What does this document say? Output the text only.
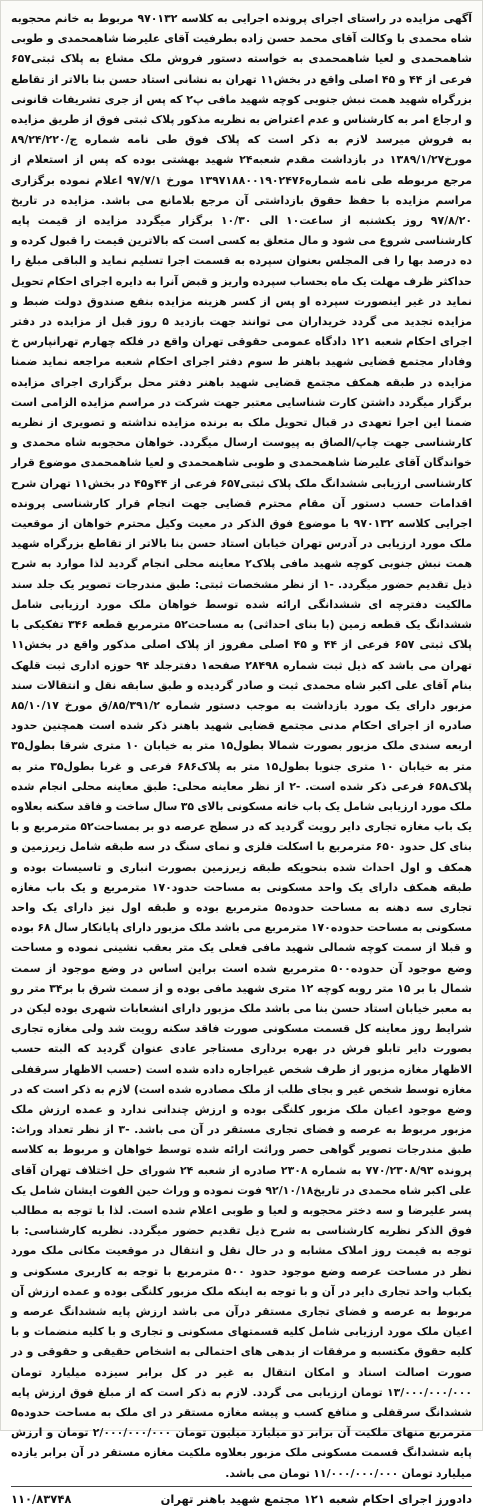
آگهی مزایده در راستای اجرای پرونده اجرایی به کلاسه ۹۷۰۱۳۲ مربوط به خانم محجوبه شاه محمدی با وکالت آقای محمد حسن زاده بطرفیت آقای علیرضا شاهمحمدی و طوبی شاهمحمدی و لعیا شاهمحمدی به خواسته دستور فروش ملک مشاع به پلاک ثبتی۶۵۷ فرعی از ۴۴ و ۴۵ اصلی واقع در بخش۱۱ تهران به نشانی استاد حسن بنا بالاتر از تقاطع بزرگراه شهید همت نبش جنوبی کوچه شهید مافی پ۲ که پس از جری تشریفات قانونی و ارجاع امر به کارشناس و عدم اعتراض به نظریه مذکور پلاک ثبتی فوق از طریق مزایده به فروش میرسد لازم به ذکر است که پلاک فوق طی نامه شماره ج/۸۹/۲۴/۲۲۰ مورخ۱۳۸۹/۱/۲۷ در بازداشت مقدم شعبه۲۴ شهید بهشتی بوده که پس از استعلام از مرجع مربوطه طی نامه شماره۱۳۹۷۱۸۸۰۰۱۹۰۲۴۷۶ مورخ ۹۷/۷/۱ اعلام نموده برگزاری مراسم مزایده با حفظ حقوق بازداشتی آن مرجع بلامانع می باشد. مزایده در تاریخ ۹۷/۸/۲۰ روز یکشنبه از ساعت۱۰ الی ۱۰/۳۰ برگزار میگردد مزایده از قیمت پایه کارشناسی شروع می شود و مال متعلق به کسی است که بالاترین قیمت را قبول کرده و ده درصد بها را فی المجلس بعنوان سپرده به قسمت اجرا تسلیم نماید و الباقی مبلغ را حداکثر ظرف مهلت یک ماه بحساب سپرده واریز و قبض آنرا به دایره اجرای احکام تحویل نماید در غیر اینصورت سپرده او پس از کسر هزینه مزایده بنفع صندوق دولت ضبط و مزایده تجدید می گردد خریداران می توانند جهت بازدید ۵ روز قبل از مزایده در دفتر اجرای احکام شعبه ۱۲۱ دادگاه عمومی حقوقی تهران واقع در فلکه چهارم تهرانپارس خ وفادار مجتمع قضایی شهید باهنر ط سوم دفتر اجرای احکام شعبه مراجعه نماید ضمنا مزایده در طبقه همکف مجتمع قضایی شهید باهنر دفتر محل برگزاری اجرای مزایده برگزار میگردد داشتن کارت شناسایی معتبر جهت شرکت در مراسم مزایده الزامی است ضمنا این اجرا تعهدی در قبال تحویل ملک به برنده مزایده نداشته و تصویری از نظریه کارشناسی جهت چاپ/الصاق به پیوست ارسال میگردد. خواهان محجوبه شاه محمدی و خواندگان آقای علیرضا شاهمحمدی و طوبی شاهمحمدی و لعیا شاهمحمدی موضوع قرار کارشناسی ارزیابی ششدانگ ملک پلاک ثبتی۶۵۷ فرعی از ۴۴و۴۵ در بخش۱۱ تهران شرح اقدامات حسب دستور آن مقام محترم قضایی جهت انجام قرار کارشناسی پرونده اجرایی کلاسه ۹۷۰۱۳۲ با موضوع فوق الذکر در معیت وکیل محترم خواهان از موقعیت ملک مورد ارزیابی در آدرس تهران خیابان استاد حسن بنا بالاتر از تقاطع بزرگراه شهید همت نبش جنوبی کوچه شهید مافی پلاک۲ معاینه محلی انجام گردید لذا موارد به شرح ذیل تقدیم حضور میگردد. -۱ از نظر مشخصات ثبتی: طبق مندرجات تصویر یک جلد سند مالکیت دفترچه ای ششدانگی ارائه شده توسط خواهان ملک مورد ارزیابی شامل ششدانگ یک قطعه زمین (با بنای احداثی) به مساحت۵۲ مترمربع قطعه ۳۴۶ تفکیکی با پلاک ثبتی ۶۵۷ فرعی از ۴۴ و ۴۵ اصلی مفروز از پلاک اصلی مذکور واقع در بخش۱۱ تهران می باشد که ذیل ثبت شماره ۲۸۴۹۸ صفحه۱ دفترجلد ۹۴ حوزه اداری ثبت قلهک بنام آقای علی اکبر شاه محمدی ثبت و صادر گردیده و طبق سابقه نقل و انتقالات سند مزبور دارای یک مورد بازداشت به موجب دستور شماره ۸۵/۳۹۱/۲/ق مورخ ۸۵/۱۰/۱۷ صادره از اجرای احکام مدنی مجتمع قضایی شهید باهنر ذکر شده است همچنین حدود اربعه سندی ملک مزبور بصورت شمالا بطول۱۵ متر به خیابان ۱۰ متری شرقا بطول۳۵ متر به خیابان ۱۰ متری جنوبا بطول۱۵ متر به پلاک۶۸۶ فرعی و غربا بطول۳۵ متر به پلاک۶۵۸ فرعی ذکر شده است. -۲ از نظر معاینه محلی: طبق معاینه محلی انجام شده ملک مورد ارزیابی شامل یک باب خانه مسکونی بالای ۳۵ سال ساخت و فاقد سکنه بعلاوه یک باب مغازه تجاری دایر رویت گردید که در سطح عرصه دو بر بمساحت۵۲ مترمربع و با بنای کل حدود ۶۵۰ مترمربع با اسکلت فلزی و نمای سنگ در سه طبقه شامل زیرزمین و همکف و اول احداث شده بنحویکه طبقه زیرزمین بصورت انباری و تاسیسات بوده و طبقه همکف دارای یک واحد مسکونی به مساحت حدود۱۷۰ مترمربع و یک باب مغازه تجاری سه دهنه به مساحت حدوده۵ مترمربع بوده و طبقه اول نیز دارای یک واحد مسکونی به مساحت حدوده۱۷۰ مترمربع می باشد ملک مزبور دارای پایانکار سال ۶۸ بوده و قبلا از سمت کوچه شمالی شهید مافی فعلی یک متر بعقب نشینی نموده و مساحت وضع موجود آن حدوده۵۰۰ مترمربع شده است براین اساس در وضع موجود از سمت شمال با بر ۱۵ متر روبه کوچه ۱۲ متری شهید مافی بوده و از سمت شرق با بر۳۴ متر رو به معبر خیابان استاد حسن بنا می باشد ملک مزبور دارای انشعابات شهری بوده لیکن در شرایط روز معاینه کل قسمت مسکونی صورت فاقد سکنه رویت شد ولی مغازه تجاری بصورت دایر تابلو فرش در بهره برداری مستاجر عادی عنوان گردید که البته حسب الاظهار مغازه مزبور از طرف شخص غیراجاره داده شده است (حسب الاظهار سرقفلی مغازه توسط شخص غیر و بجای طلب از ملک مصادره شده است) لازم به ذکر است که در وضع موجود اعیان ملک مزبور کلنگی بوده و ارزش چندانی ندارد و عمده ارزش ملک مزبور مربوط به عرصه و فضای تجاری مستقر در آن می باشد. -۳ از نظر تعداد وراث: طبق مندرجات تصویر گواهی حصر وراثت ارائه شده توسط خواهان و مربوط به کلاسه پرونده ۷۷۰/۲۳۰۸/۹۳ به شماره ۲۳۰۸ صادره از شعبه ۲۴ شورای حل اختلاف تهران آقای علی اکبر شاه محمدی در تاریخ۹۲/۱۰/۱۸ فوت نموده و وراث حین الفوت ایشان شامل یک پسر علیرضا و سه دختر محجوبه و لعیا و طوبی اعلام شده است. لذا با توجه به مطالب فوق الذکر نظریه کارشناسی به شرح ذیل تقدیم حضور میگردد. نظریه کارشناسی: با توجه به قیمت روز املاک مشابه و در حال نقل و انتقال در موقعیت مکانی ملک مورد نظر در مساحت عرصه وضع موجود حدود ۵۰۰ مترمربع با توجه به کاربری مسکونی و یکباب واحد تجاری دایر در آن و با توجه به اینکه ملک مزبور کلنگی بوده و عمده ارزش آن مربوط به عرصه و فضای تجاری مستقر درآن می باشد ارزش پایه ششدانگ عرصه و اعیان ملک مورد ارزیابی شامل کلیه قسمتهای مسکونی و تجاری و با کلیه منضمات و با کلیه حقوق مکتسبه و مرفقات از بدهی های احتمالی به اشخاص حقیقی و حقوقی و در صورت اصالت اسناد و امکان انتقال به غیر در کل برابر سیزده میلیارد تومان ۱۳/۰۰۰/۰۰۰/۰۰۰ تومان ارزیابی می گردد. لازم به ذکر است که از مبلغ فوق ارزش پایه ششدانگ سرقفلی و منافع کسب و پیشه مغازه مستقر در ای ملک به مساحت حدوده۵ مترمربع منهای ملکیت آن برابر دو میلیارد میلیون تومان ۲/۰۰۰/۰۰۰/۰۰۰ تومان و ارزش پایه ششدانگ قسمت مسکونی ملک مزبور بعلاوه ملکیت مغازه مستقر در آن برابر یازده میلیارد تومان ۱۱/۰۰۰/۰۰۰/۰۰۰ تومان می باشد.

دادورز اجرای احکام شعبه ۱۲۱ مجتمع شهید باهنر تهران
۱۱۰/۸۳۷۴۸
